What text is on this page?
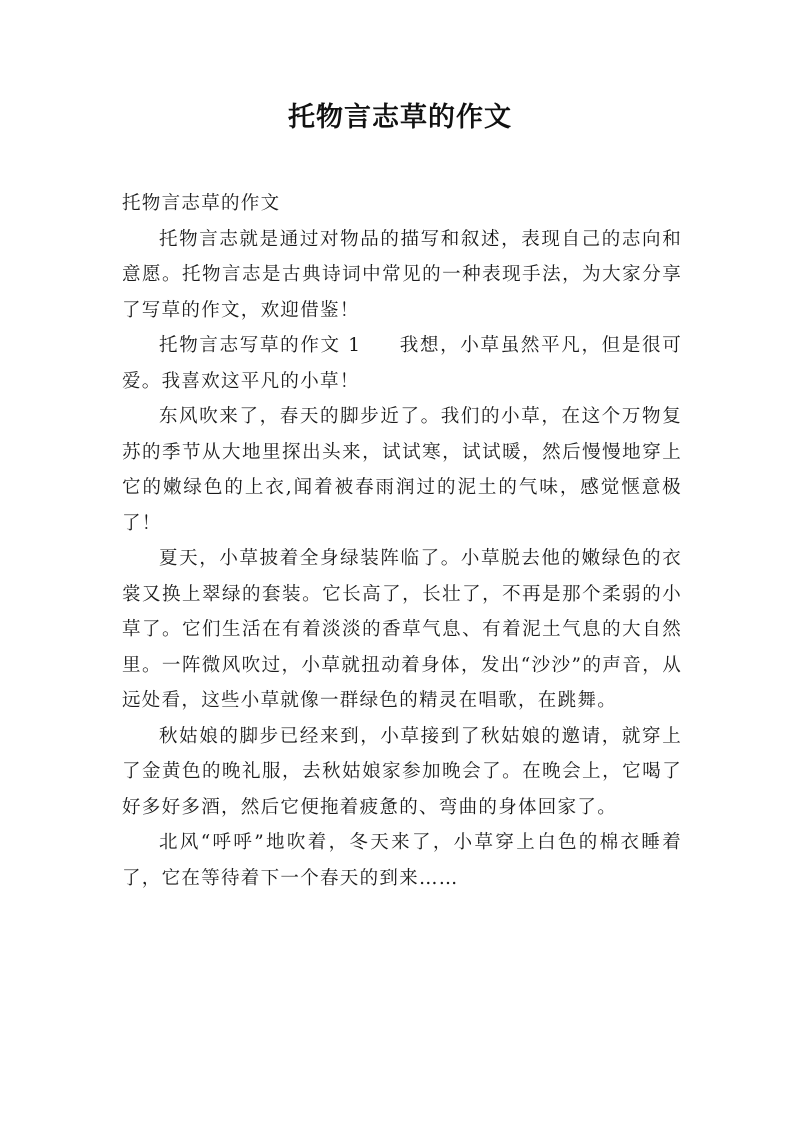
托物言志草的作文

托物言志草的作文

托物言志就是通过对物品的描写和叙述，表现自己的志向和意愿。托物言志是古典诗词中常见的一种表现手法，为大家分享了写草的作文，欢迎借鉴！

托物言志写草的作文 1 我想，小草虽然平凡，但是很可爱。我喜欢这平凡的小草！

东风吹来了，春天的脚步近了。我们的小草，在这个万物复苏的季节从大地里探出头来，试试寒，试试暖，然后慢慢地穿上它的嫩绿色的上衣,闻着被春雨润过的泥土的气味，感觉惬意极了！

夏天，小草披着全身绿装阵临了。小草脱去他的嫩绿色的衣裳又换上翠绿的套装。它长高了，长壮了，不再是那个柔弱的小草了。它们生活在有着淡淡的香草气息、有着泥土气息的大自然里。一阵微风吹过，小草就扭动着身体，发出“沙沙”的声音，从远处看，这些小草就像一群绿色的精灵在唱歌，在跳舞。

秋姑娘的脚步已经来到，小草接到了秋姑娘的邀请，就穿上了金黄色的晚礼服，去秋姑娘家参加晚会了。在晚会上，它喝了好多好多酒，然后它便拖着疲惫的、弯曲的身体回家了。

北风“呼呼”地吹着，冬天来了，小草穿上白色的棉衣睡着了，它在等待着下一个春天的到来……
